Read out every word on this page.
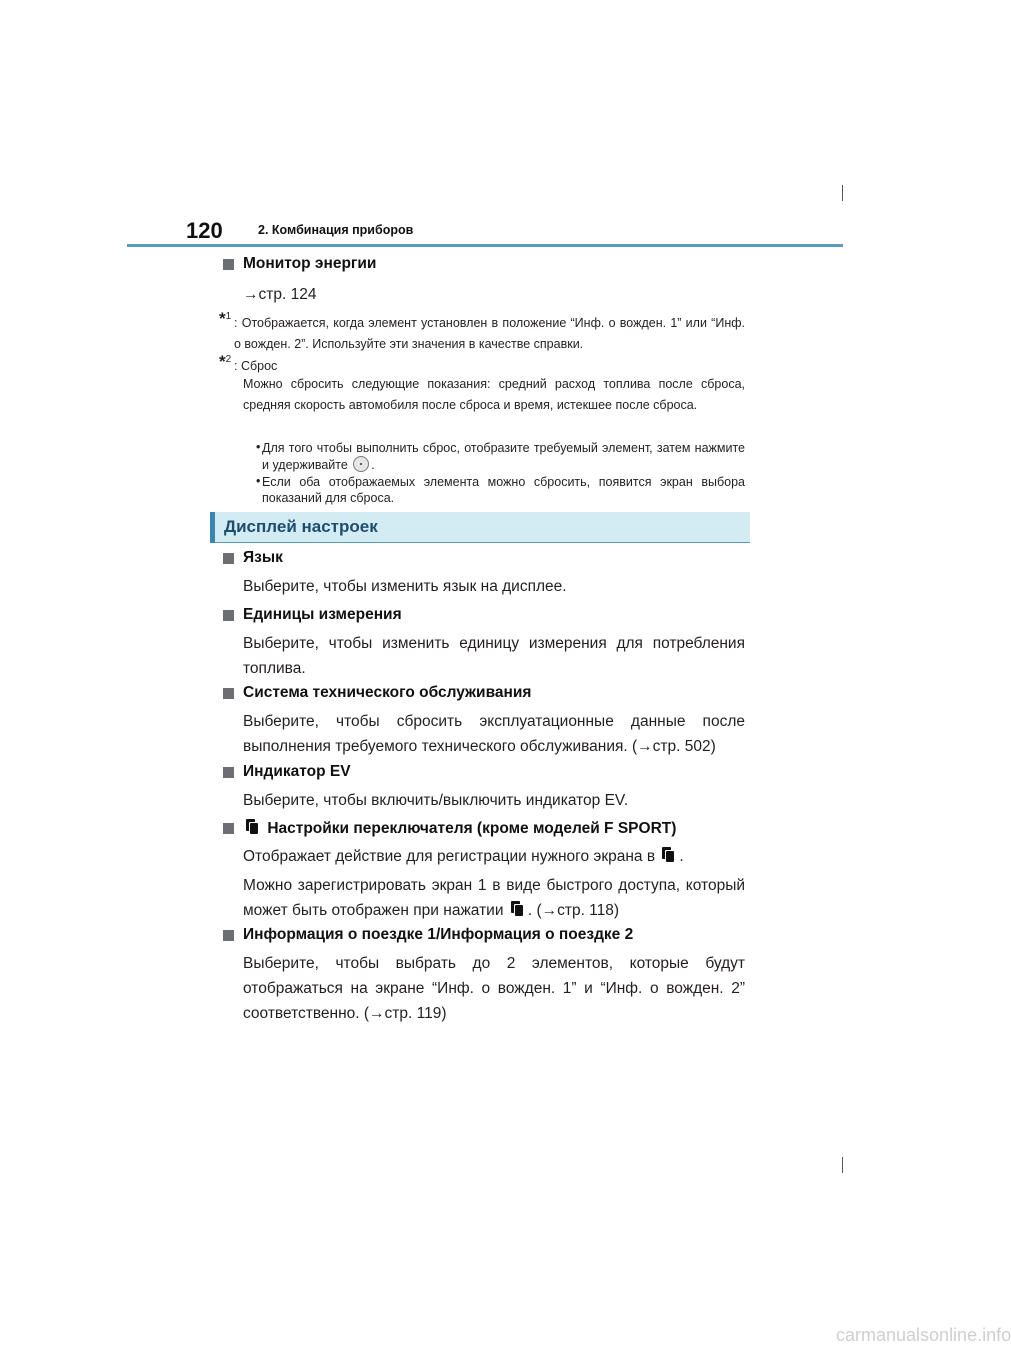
120	2. Комбинация приборов
Монитор энергии
→стр. 124
*$^1$ : Отображается, когда элемент установлен в положение “Инф. о вожден. 1” или “Инф. о вожден. 2”. Используйте эти значения в качестве справки.
*$^2$ : Сброс
Можно сбросить следующие показания: средний расход топлива после сброса, средняя скорость автомобиля после сброса и время, истекшее после сброса.
• Для того чтобы выполнить сброс, отобразите требуемый элемент, затем нажмите и удерживайте .
• Если оба отображаемых элемента можно сбросить, появится экран выбора показаний для сброса.
Дисплей настроек
Язык
Выберите, чтобы изменить язык на дисплее.
Единицы измерения
Выберите, чтобы изменить единицу измерения для потребления топлива.
Система технического обслуживания
Выберите, чтобы сбросить эксплуатационные данные после выполнения требуемого технического обслуживания. (→стр. 502)
Индикатор EV
Выберите, чтобы включить/выключить индикатор EV.
Настройки переключателя (кроме моделей F SPORT)
Отображает действие для регистрации нужного экрана в .
Можно зарегистрировать экран 1 в виде быстрого доступа, который может быть отображен при нажатии . (→стр. 118)
Информация о поездке 1/Информация о поездке 2
Выберите, чтобы выбрать до 2 элементов, которые будут отображаться на экране “Инф. о вожден. 1” и “Инф. о вожден. 2” соответственно. (→стр. 119)
carmanualsonline.info
